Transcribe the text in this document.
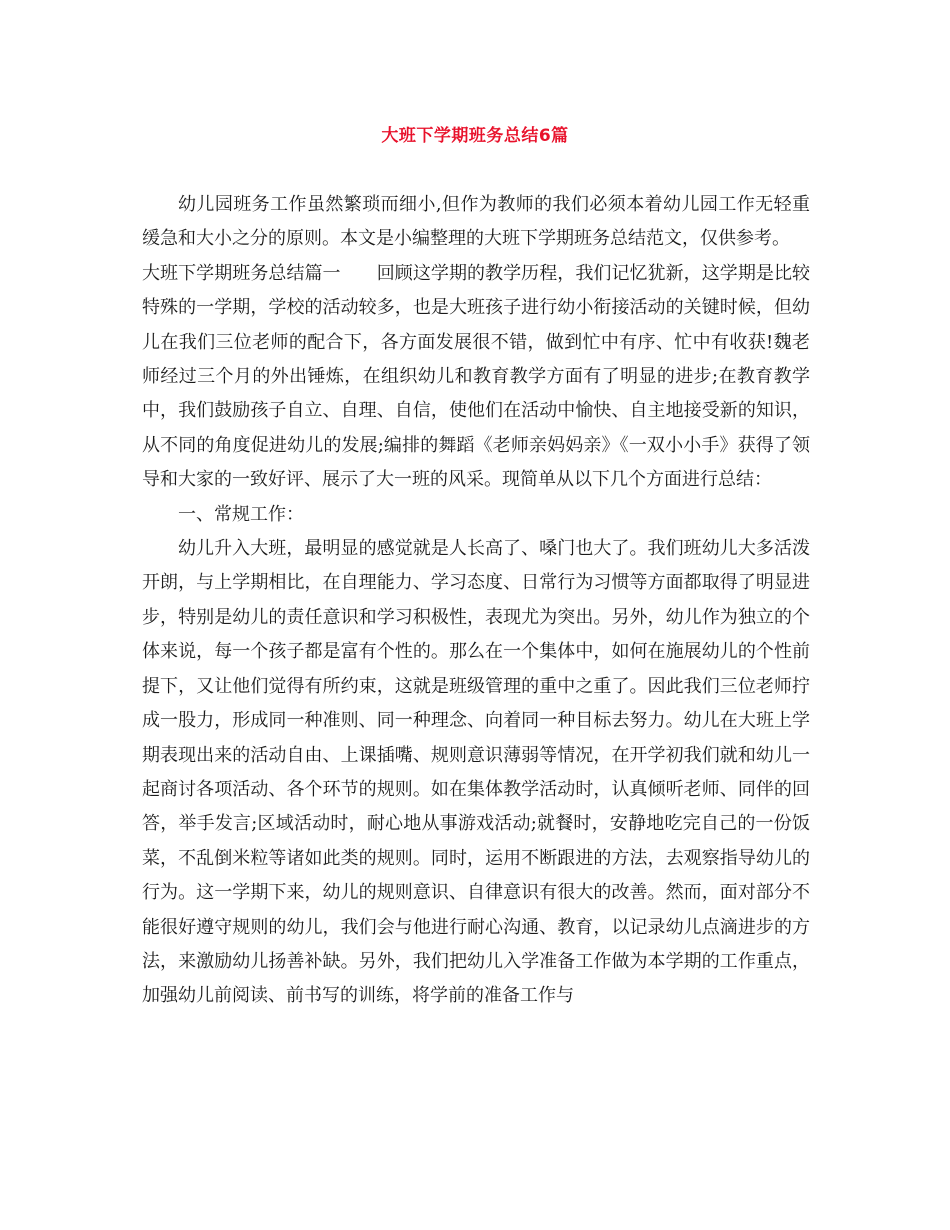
大班下学期班务总结6篇

幼儿园班务工作虽然繁琐而细小,但作为教师的我们必须本着幼儿园工作无轻重缓急和大小之分的原则。本文是小编整理的大班下学期班务总结范文，仅供参考。

大班下学期班务总结篇一　　回顾这学期的教学历程，我们记忆犹新，这学期是比较特殊的一学期，学校的活动较多，也是大班孩子进行幼小衔接活动的关键时候，但幼儿在我们三位老师的配合下，各方面发展很不错，做到忙中有序、忙中有收获!魏老师经过三个月的外出锤炼，在组织幼儿和教育教学方面有了明显的进步;在教育教学中，我们鼓励孩子自立、自理、自信，使他们在活动中愉快、自主地接受新的知识，从不同的角度促进幼儿的发展;编排的舞蹈《老师亲妈妈亲》《一双小小手》获得了领导和大家的一致好评、展示了大一班的风采。现简单从以下几个方面进行总结：

一、常规工作：

幼儿升入大班，最明显的感觉就是人长高了、嗓门也大了。我们班幼儿大多活泼开朗，与上学期相比，在自理能力、学习态度、日常行为习惯等方面都取得了明显进步，特别是幼儿的责任意识和学习积极性，表现尤为突出。另外，幼儿作为独立的个体来说，每一个孩子都是富有个性的。那么在一个集体中，如何在施展幼儿的个性前提下，又让他们觉得有所约束，这就是班级管理的重中之重了。因此我们三位老师拧成一股力，形成同一种准则、同一种理念、向着同一种目标去努力。幼儿在大班上学期表现出来的活动自由、上课插嘴、规则意识薄弱等情况，在开学初我们就和幼儿一起商讨各项活动、各个环节的规则。如在集体教学活动时，认真倾听老师、同伴的回答，举手发言;区域活动时，耐心地从事游戏活动;就餐时，安静地吃完自己的一份饭菜，不乱倒米粒等诸如此类的规则。同时，运用不断跟进的方法，去观察指导幼儿的行为。这一学期下来，幼儿的规则意识、自律意识有很大的改善。然而，面对部分不能很好遵守规则的幼儿，我们会与他进行耐心沟通、教育，以记录幼儿点滴进步的方法，来激励幼儿扬善补缺。另外，我们把幼儿入学准备工作做为本学期的工作重点，加强幼儿前阅读、前书写的训练，将学前的准备工作与
